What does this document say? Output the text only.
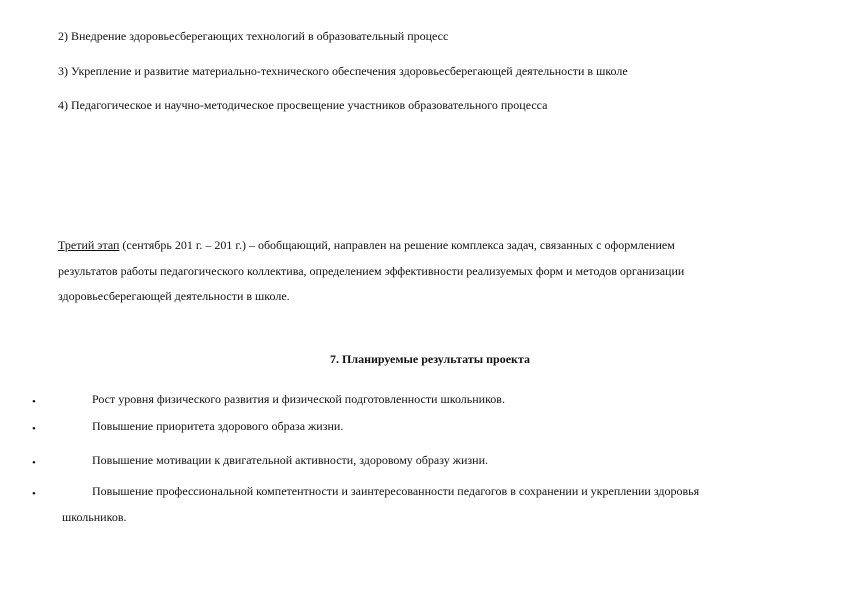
2) Внедрение здоровьесберегающих технологий в образовательный процесс
3) Укрепление и развитие материально-технического обеспечения здоровьесберегающей деятельности в школе
4) Педагогическое и научно-методическое просвещение участников образовательного процесса
Третий этап (сентябрь 201 г. – 201 г.) – обобщающий, направлен на решение комплекса задач, связанных с оформлением
результатов работы педагогического коллектива, определением эффективности реализуемых форм и методов организации
здоровьесберегающей деятельности в школе.
7. Планируемые результаты проекта
•	Рост уровня физического развития и физической подготовленности школьников.
•	Повышение приоритета здорового образа жизни.
•	Повышение мотивации к двигательной активности, здоровому образу жизни.
•	Повышение профессиональной компетентности и заинтересованности педагогов в сохранении и укреплении здоровья
школьников.
